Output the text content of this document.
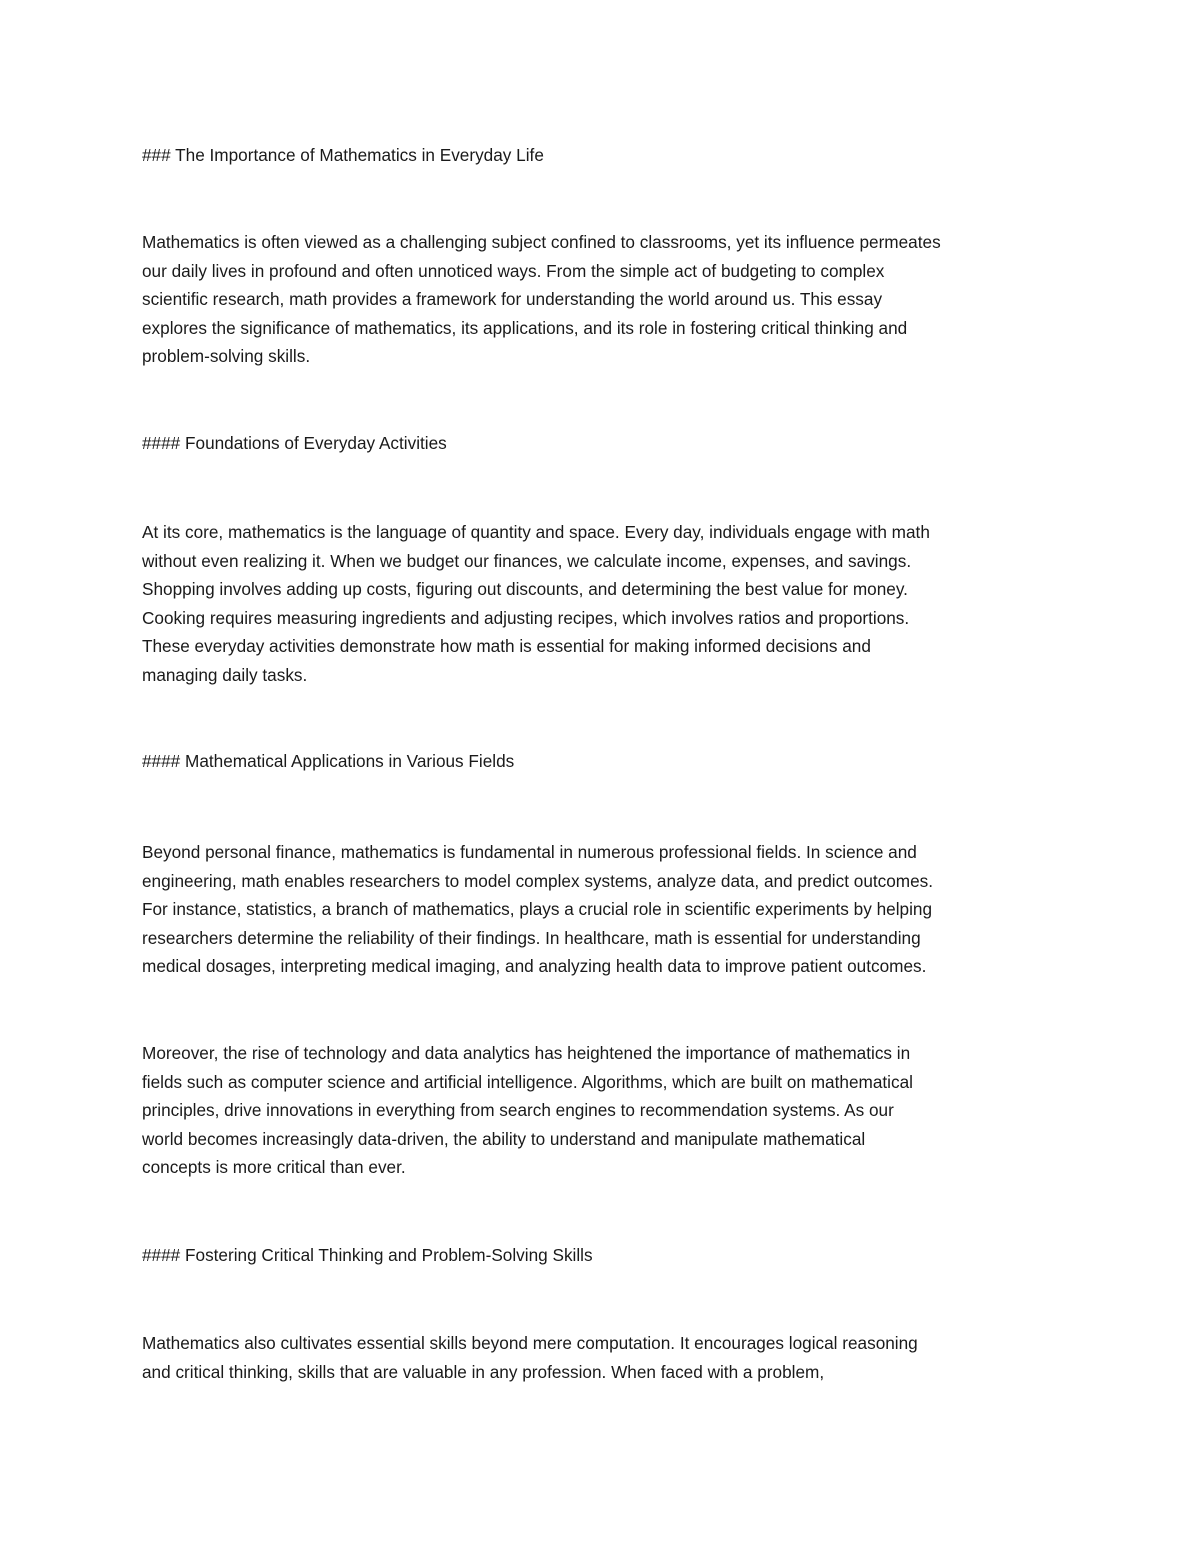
### The Importance of Mathematics in Everyday Life
Mathematics is often viewed as a challenging subject confined to classrooms, yet its influence permeates
our daily lives in profound and often unnoticed ways. From the simple act of budgeting to complex
scientific research, math provides a framework for understanding the world around us. This essay
explores the significance of mathematics, its applications, and its role in fostering critical thinking and
problem-solving skills.
#### Foundations of Everyday Activities
At its core, mathematics is the language of quantity and space. Every day, individuals engage with math
without even realizing it. When we budget our finances, we calculate income, expenses, and savings.
Shopping involves adding up costs, figuring out discounts, and determining the best value for money.
Cooking requires measuring ingredients and adjusting recipes, which involves ratios and proportions.
These everyday activities demonstrate how math is essential for making informed decisions and
managing daily tasks.
#### Mathematical Applications in Various Fields
Beyond personal finance, mathematics is fundamental in numerous professional fields. In science and
engineering, math enables researchers to model complex systems, analyze data, and predict outcomes.
For instance, statistics, a branch of mathematics, plays a crucial role in scientific experiments by helping
researchers determine the reliability of their findings. In healthcare, math is essential for understanding
medical dosages, interpreting medical imaging, and analyzing health data to improve patient outcomes.
Moreover, the rise of technology and data analytics has heightened the importance of mathematics in
fields such as computer science and artificial intelligence. Algorithms, which are built on mathematical
principles, drive innovations in everything from search engines to recommendation systems. As our
world becomes increasingly data-driven, the ability to understand and manipulate mathematical
concepts is more critical than ever.
#### Fostering Critical Thinking and Problem-Solving Skills
Mathematics also cultivates essential skills beyond mere computation. It encourages logical reasoning
and critical thinking, skills that are valuable in any profession. When faced with a problem,
